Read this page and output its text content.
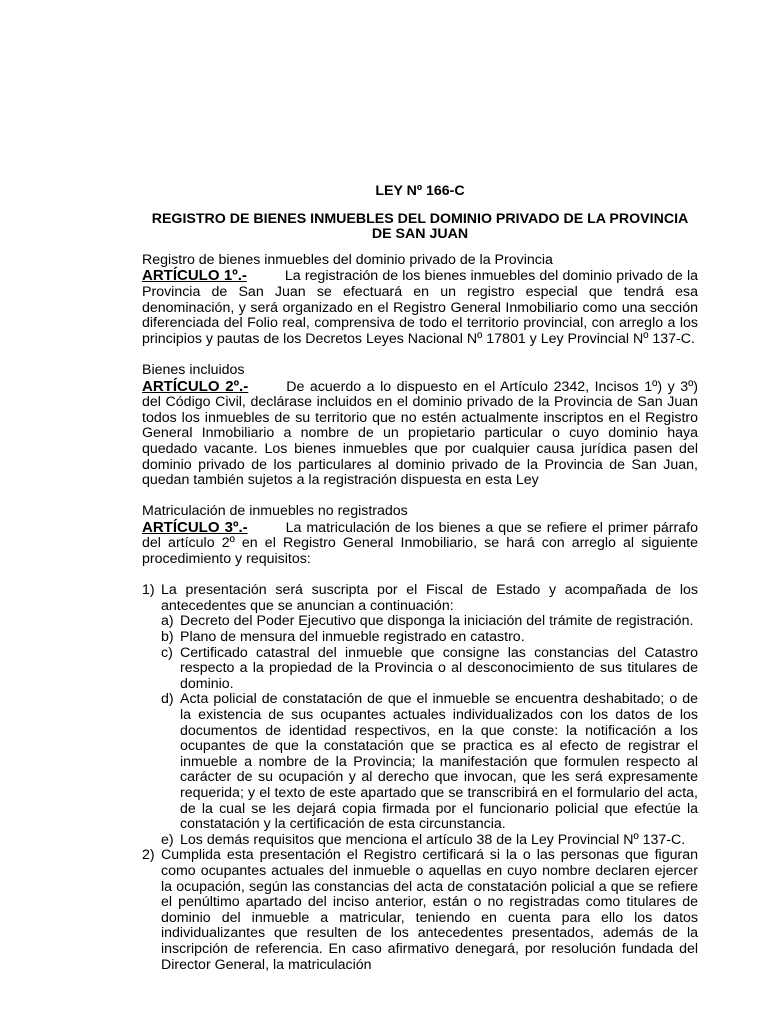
LEY Nº 166-C

REGISTRO DE BIENES INMUEBLES DEL DOMINIO PRIVADO DE LA PROVINCIA DE SAN JUAN

Registro de bienes inmuebles del dominio privado de la Provincia

ARTÍCULO 1º.-	La registración de los bienes inmuebles del dominio privado de la Provincia de San Juan se efectuará en un registro especial que tendrá esa denominación, y será organizado en el Registro General Inmobiliario como una sección diferenciada del Folio real, comprensiva de todo el territorio provincial, con arreglo a los principios y pautas de los Decretos Leyes Nacional Nº 17801 y Ley Provincial Nº 137-C.

Bienes incluidos

ARTÍCULO 2º.-	De acuerdo a lo dispuesto en el Artículo 2342, Incisos 1º) y 3º) del Código Civil, declárase incluidos en el dominio privado de la Provincia de San Juan todos los inmuebles de su territorio que no estén actualmente inscriptos en el Registro General Inmobiliario a nombre de un propietario particular o cuyo dominio haya quedado vacante. Los bienes inmuebles que por cualquier causa jurídica pasen del dominio privado de los particulares al dominio privado de la Provincia de San Juan, quedan también sujetos a la registración dispuesta en esta Ley

Matriculación de inmuebles no registrados

ARTÍCULO 3º.-	La matriculación de los bienes a que se refiere el primer párrafo del artículo 2º en el Registro General Inmobiliario, se hará con arreglo al siguiente procedimiento y requisitos:

1) La presentación será suscripta por el Fiscal de Estado y acompañada de los antecedentes que se anuncian a continuación:
a) Decreto del Poder Ejecutivo que disponga la iniciación del trámite de registración.
b) Plano de mensura del inmueble registrado en catastro.
c) Certificado catastral del inmueble que consigne las constancias del Catastro respecto a la propiedad de la Provincia o al desconocimiento de sus titulares de dominio.
d) Acta policial de constatación de que el inmueble se encuentra deshabitado; o de la existencia de sus ocupantes actuales individualizados con los datos de los documentos de identidad respectivos, en la que conste: la notificación a los ocupantes de que la constatación que se practica es al efecto de registrar el inmueble a nombre de la Provincia; la manifestación que formulen respecto al carácter de su ocupación y al derecho que invocan, que les será expresamente requerida; y el texto de este apartado que se transcribirá en el formulario del acta, de la cual se les dejará copia firmada por el funcionario policial que efectúe la constatación y la certificación de esta circunstancia.
e) Los demás requisitos que menciona el artículo 38 de la Ley Provincial Nº 137-C.
2) Cumplida esta presentación el Registro certificará si la o las personas que figuran como ocupantes actuales del inmueble o aquellas en cuyo nombre declaren ejercer la ocupación, según las constancias del acta de constatación policial a que se refiere el penúltimo apartado del inciso anterior, están o no registradas como titulares de dominio del inmueble a matricular, teniendo en cuenta para ello los datos individualizantes que resulten de los antecedentes presentados, además de la inscripción de referencia. En caso afirmativo denegará, por resolución fundada del Director General, la matriculación
